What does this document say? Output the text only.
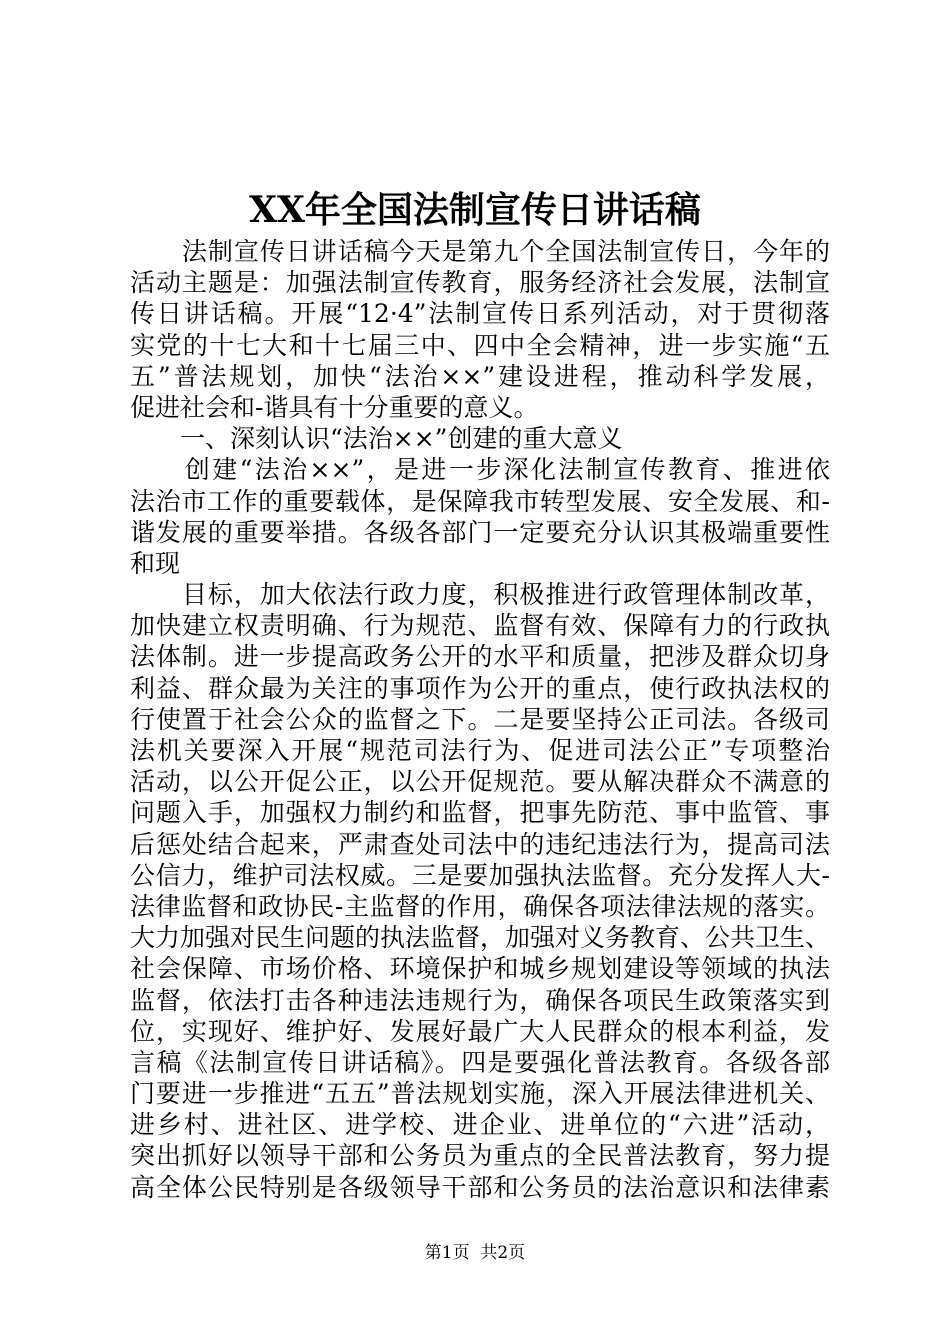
XX年全国法制宣传日讲话稿
　　法制宣传日讲话稿今天是第九个全国法制宣传日，今年的
活动主题是：加强法制宣传教育，服务经济社会发展，法制宣
传日讲话稿。开展“12·4”法制宣传日系列活动，对于贯彻落
实党的十七大和十七届三中、四中全会精神，进一步实施“五
五”普法规划，加快“法治××”建设进程，推动科学发展，
促进社会和-谐具有十分重要的意义。
　　一、深刻认识“法治××”创建的重大意义
　　创建“法治××”，是进一步深化法制宣传教育、推进依
法治市工作的重要载体，是保障我市转型发展、安全发展、和-
谐发展的重要举措。各级各部门一定要充分认识其极端重要性
和现
　　目标，加大依法行政力度，积极推进行政管理体制改革，
加快建立权责明确、行为规范、监督有效、保障有力的行政执
法体制。进一步提高政务公开的水平和质量，把涉及群众切身
利益、群众最为关注的事项作为公开的重点，使行政执法权的
行使置于社会公众的监督之下。二是要坚持公正司法。各级司
法机关要深入开展“规范司法行为、促进司法公正”专项整治
活动，以公开促公正，以公开促规范。要从解决群众不满意的
问题入手，加强权力制约和监督，把事先防范、事中监管、事
后惩处结合起来，严肃查处司法中的违纪违法行为，提高司法
公信力，维护司法权威。三是要加强执法监督。充分发挥人大-
法律监督和政协民-主监督的作用，确保各项法律法规的落实。
大力加强对民生问题的执法监督，加强对义务教育、公共卫生、
社会保障、市场价格、环境保护和城乡规划建设等领域的执法
监督，依法打击各种违法违规行为，确保各项民生政策落实到
位，实现好、维护好、发展好最广大人民群众的根本利益，发
言稿《法制宣传日讲话稿》。四是要强化普法教育。各级各部
门要进一步推进“五五”普法规划实施，深入开展法律进机关、
进乡村、进社区、进学校、进企业、进单位的“六进”活动，
突出抓好以领导干部和公务员为重点的全民普法教育，努力提
高全体公民特别是各级领导干部和公务员的法治意识和法律素
第1页  共2页
